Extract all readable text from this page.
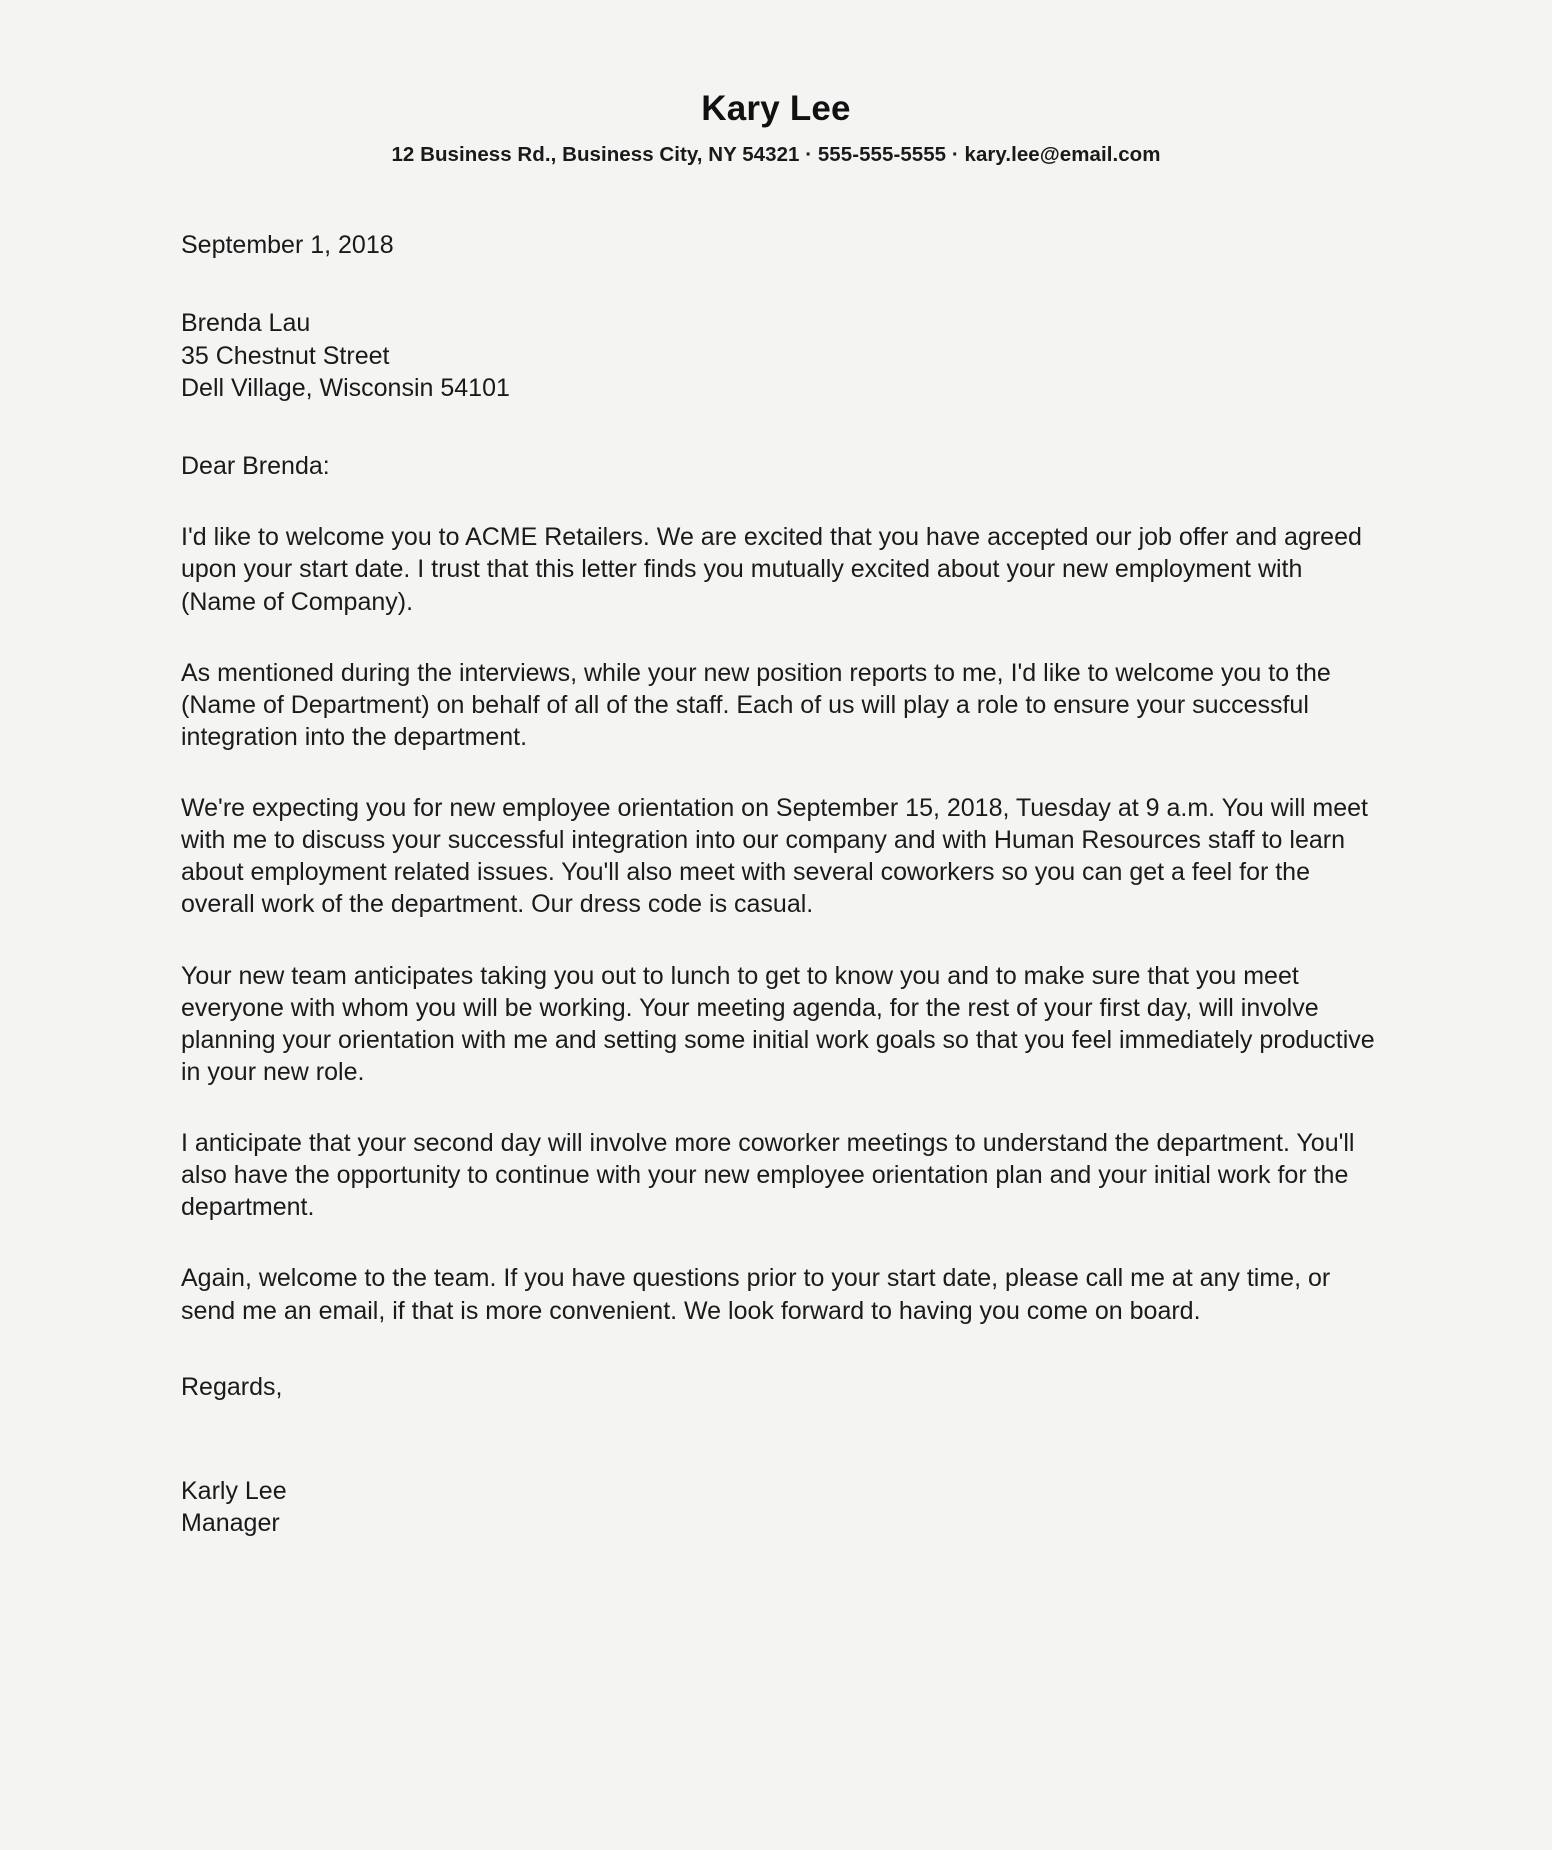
Kary Lee
12 Business Rd., Business City, NY 54321 · 555-555-5555 · kary.lee@email.com
September 1, 2018
Brenda Lau
35 Chestnut Street
Dell Village, Wisconsin 54101
Dear Brenda:

I'd like to welcome you to ACME Retailers. We are excited that you have accepted our job offer and agreed upon your start date. I trust that this letter finds you mutually excited about your new employment with (Name of Company).

As mentioned during the interviews, while your new position reports to me, I'd like to welcome you to the (Name of Department) on behalf of all of the staff. Each of us will play a role to ensure your successful integration into the department.

We're expecting you for new employee orientation on September 15, 2018, Tuesday at 9 a.m. You will meet with me to discuss your successful integration into our company and with Human Resources staff to learn about employment related issues. You'll also meet with several coworkers so you can get a feel for the overall work of the department. Our dress code is casual.

Your new team anticipates taking you out to lunch to get to know you and to make sure that you meet everyone with whom you will be working. Your meeting agenda, for the rest of your first day, will involve planning your orientation with me and setting some initial work goals so that you feel immediately productive in your new role.

I anticipate that your second day will involve more coworker meetings to understand the department. You'll also have the opportunity to continue with your new employee orientation plan and your initial work for the department.

Again, welcome to the team. If you have questions prior to your start date, please call me at any time, or send me an email, if that is more convenient. We look forward to having you come on board.

Regards,
Karly Lee
Manager
